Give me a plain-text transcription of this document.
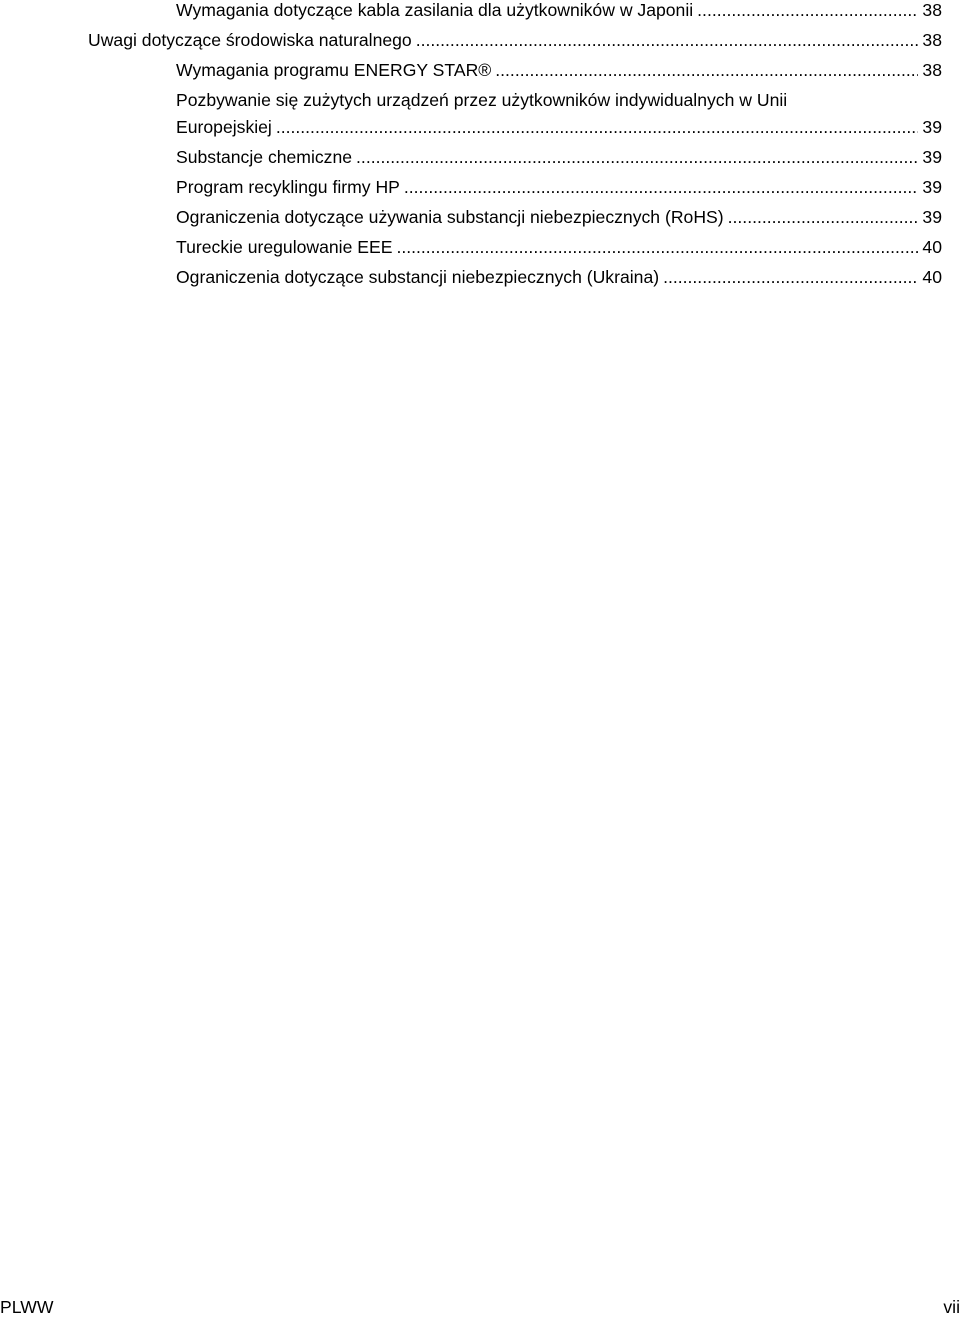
Wymagania dotyczące kabla zasilania dla użytkowników w Japonii .....	38
Uwagi dotyczące środowiska naturalnego .....	38
Wymagania programu ENERGY STAR® .....	38
Pozbywanie się zużytych urządzeń przez użytkowników indywidualnych w Unii
Europejskiej .....	39
Substancje chemiczne .....	39
Program recyklingu firmy HP .....	39
Ograniczenia dotyczące używania substancji niebezpiecznych (RoHS) .....	39
Tureckie uregulowanie EEE .....	40
Ograniczenia dotyczące substancji niebezpiecznych (Ukraina) .....	40
PLWW	vii
